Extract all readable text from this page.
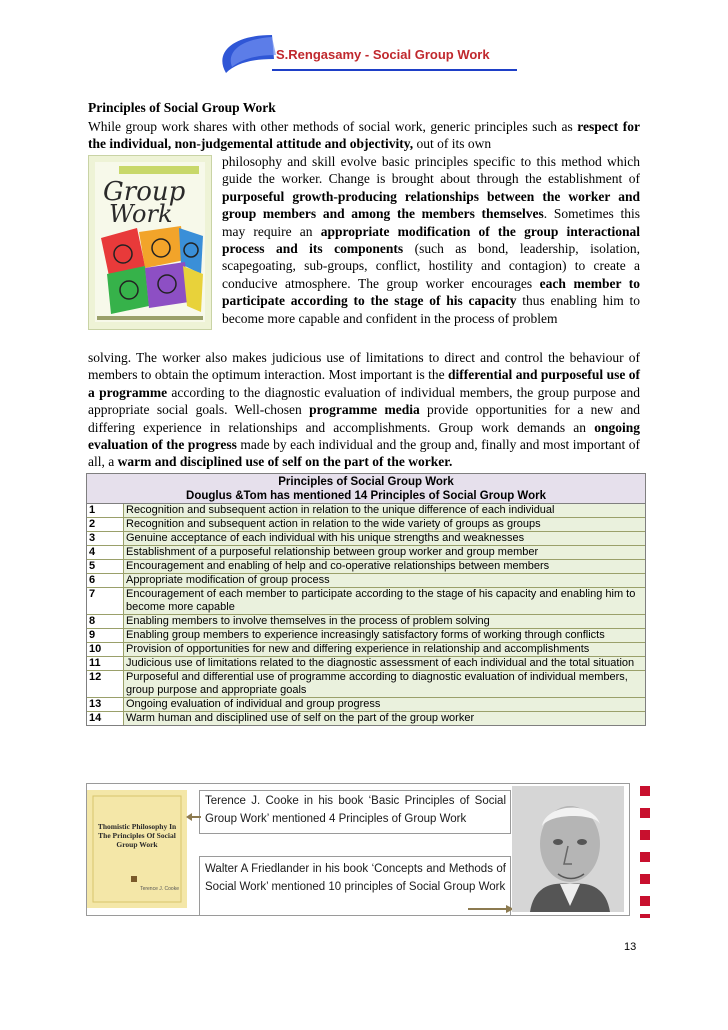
S.Rengasamy - Social Group Work
Principles of Social Group Work
While group work shares with other methods of social work, generic principles such as respect for the individual, non-judgemental attitude and objectivity, out of its own
Group
Work
philosophy and skill evolve basic principles specific to this method which guide the worker. Change is brought about through the establishment of purposeful growth-producing relationships between the worker and group members and among the members themselves. Sometimes this may require an appropriate modification of the group interactional process and its components (such as bond, leadership, isolation, scapegoating, sub-groups, conflict, hostility and contagion) to create a conducive atmosphere. The group worker encourages each member to participate according to the stage of his capacity thus enabling him to become more capable and confident in the process of problem
solving. The worker also makes judicious use of limitations to direct and control the behaviour of members to obtain the optimum interaction. Most important is the differential and purposeful use of a programme according to the diagnostic evaluation of individual members, the group purpose and appropriate social goals. Well-chosen programme media provide opportunities for a new and differing experience in relationships and accomplishments. Group work demands an ongoing evaluation of the progress made by each individual and the group and, finally and most important of all, a warm and disciplined use of self on the part of the worker.
Principles of Social Group Work
Douglus &Tom has mentioned 14 Principles of Social Group Work
1	Recognition and subsequent action in relation to the unique difference of each individual
2	Recognition and subsequent action in relation to the wide variety of groups as groups
3	Genuine acceptance of each individual with his unique strengths and weaknesses
4	Establishment of a purposeful relationship between group worker and group member
5	Encouragement and enabling of help and co-operative relationships between members
6	Appropriate modification of group process
7	Encouragement of each member to participate according to the stage of his capacity and enabling him to become more capable
8	Enabling members to involve themselves in the process of problem solving
9	Enabling group members to experience increasingly satisfactory forms of working through conflicts
10	Provision of opportunities for new and differing experience in relationship and accomplishments
11	Judicious use of limitations related to the diagnostic assessment of each individual and the total situation
12	Purposeful and differential use of programme according to diagnostic evaluation of individual members, group purpose and appropriate goals
13	Ongoing evaluation of individual and group progress
14	Warm human and disciplined use of self on the part of the group worker
Thomistic Philosophy In The Principles Of Social Group Work
Terence J. Cooke
Terence J. Cooke in his book ‘Basic Principles of Social Group Work’ mentioned 4 Principles of Group Work
Walter A Friedlander in his book ‘Concepts and Methods of Social Work’ mentioned 10 principles of Social Group Work
13
